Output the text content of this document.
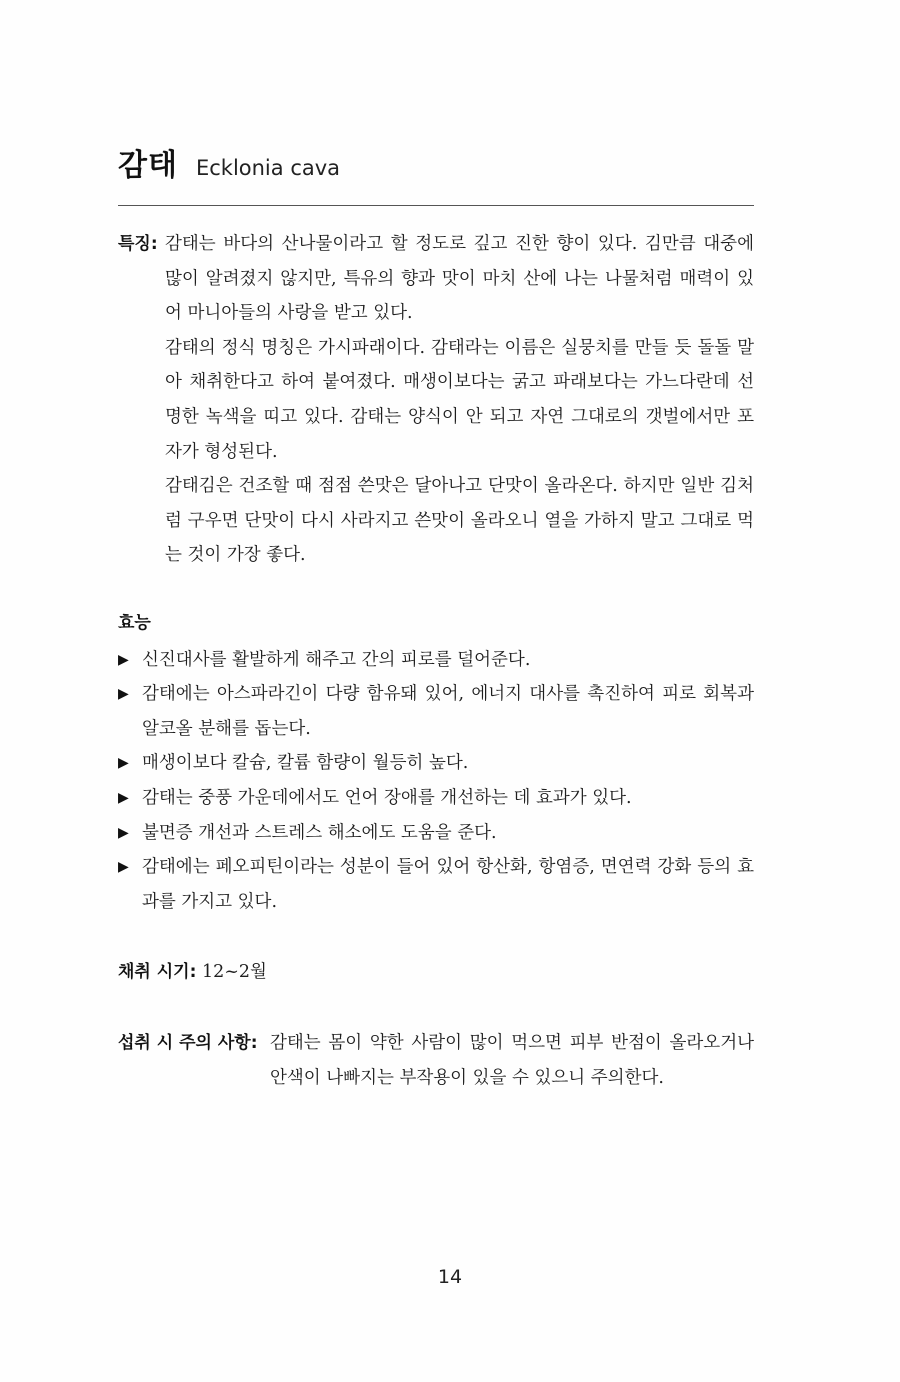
감태 Ecklonia cava
특징: 감태는 바다의 산나물이라고 할 정도로 깊고 진한 향이 있다. 김만큼 대중에 많이 알려졌지 않지만, 특유의 향과 맛이 마치 산에 나는 나물처럼 매력이 있어 마니아들의 사랑을 받고 있다.

감태의 정식 명칭은 가시파래이다. 감태라는 이름은 실뭉치를 만들 듯 돌돌 말아 채취한다고 하여 붙여졌다. 매생이보다는 굵고 파래보다는 가느다란데 선명한 녹색을 띠고 있다. 감태는 양식이 안 되고 자연 그대로의 갯벌에서만 포자가 형성된다.

감태김은 건조할 때 점점 쓴맛은 달아나고 단맛이 올라온다. 하지만 일반 김처럼 구우면 단맛이 다시 사라지고 쓴맛이 올라오니 열을 가하지 말고 그대로 먹는 것이 가장 좋다.

효능
▶ 신진대사를 활발하게 해주고 간의 피로를 덜어준다.
▶ 감태에는 아스파라긴이 다량 함유돼 있어, 에너지 대사를 촉진하여 피로 회복과 알코올 분해를 돕는다.
▶ 매생이보다 칼슘, 칼륨 함량이 월등히 높다.
▶ 감태는 중풍 가운데에서도 언어 장애를 개선하는 데 효과가 있다.
▶ 불면증 개선과 스트레스 해소에도 도움을 준다.
▶ 감태에는 페오피틴이라는 성분이 들어 있어 항산화, 항염증, 면연력 강화 등의 효과를 가지고 있다.
채취 시기: 12~2월
섭취 시 주의 사항: 감태는 몸이 약한 사람이 많이 먹으면 피부 반점이 올라오거나 안색이 나빠지는 부작용이 있을 수 있으니 주의한다.
14
